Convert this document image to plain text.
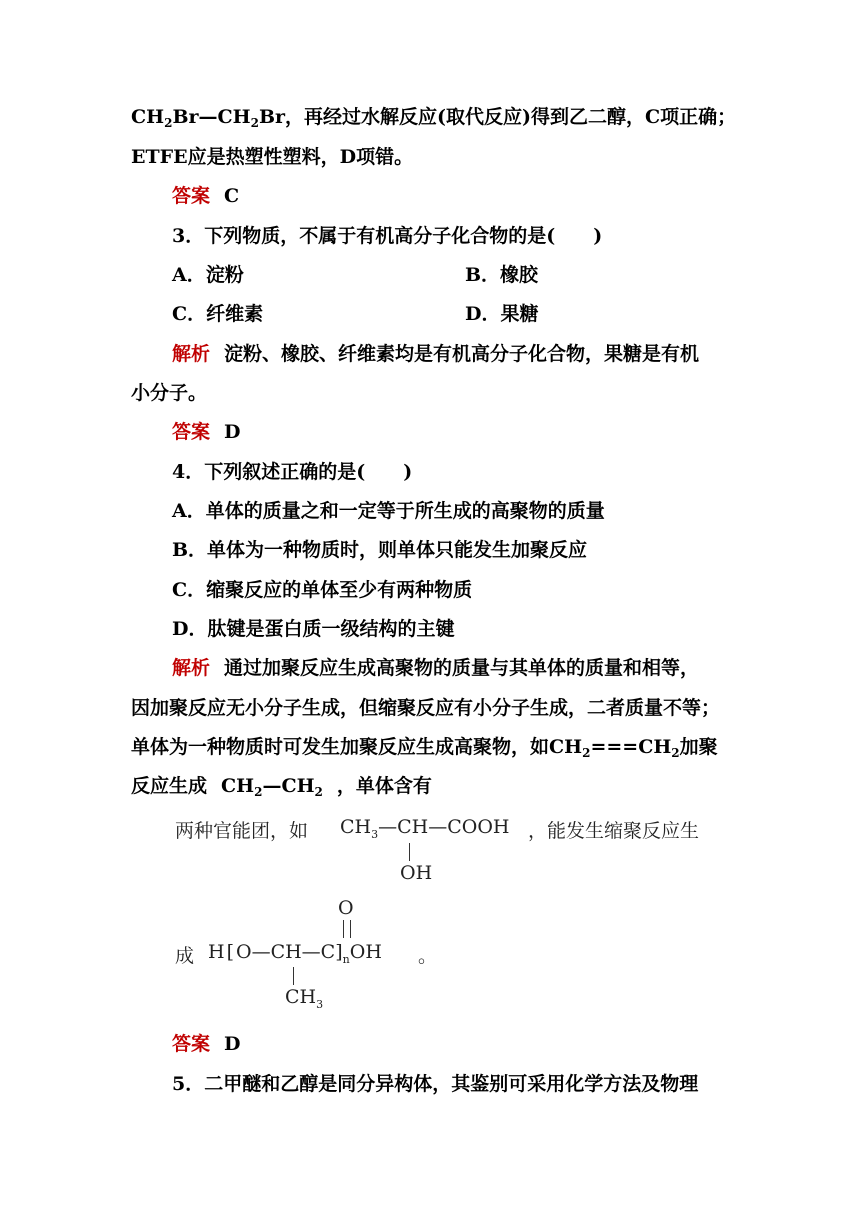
$CH_2Br—CH_2Br$，再经过水解反应(取代反应)得到乙二醇，C项正确；
ETFE应是热塑性塑料，D项错。
答案 C
3．下列物质，不属于有机高分子化合物的是(　　)
A．淀粉	B．橡胶
C．纤维素	D．果糖
解析 淀粉、橡胶、纤维素均是有机高分子化合物，果糖是有机
小分子。
答案 D
4．下列叙述正确的是(　　)
A．单体的质量之和一定等于所生成的高聚物的质量
B．单体为一种物质时，则单体只能发生加聚反应
C．缩聚反应的单体至少有两种物质
D．肽键是蛋白质一级结构的主键
解析 通过加聚反应生成高聚物的质量与其单体的质量和相等，
因加聚反应无小分子生成，但缩聚反应有小分子生成，二者质量不等；
单体为一种物质时可发生加聚反应生成高聚物，如$CH_2===CH_2$加聚
反应生成 $CH_2—CH_2$ ，单体含有
两种官能团，如 $CH_3—CH—COOH$
OH
，能发生缩聚反应生
O
成 H [ $O—CH—C]_nOH$
$CH_3$
。
答案 D
5．二甲醚和乙醇是同分异构体，其鉴别可采用化学方法及物理
